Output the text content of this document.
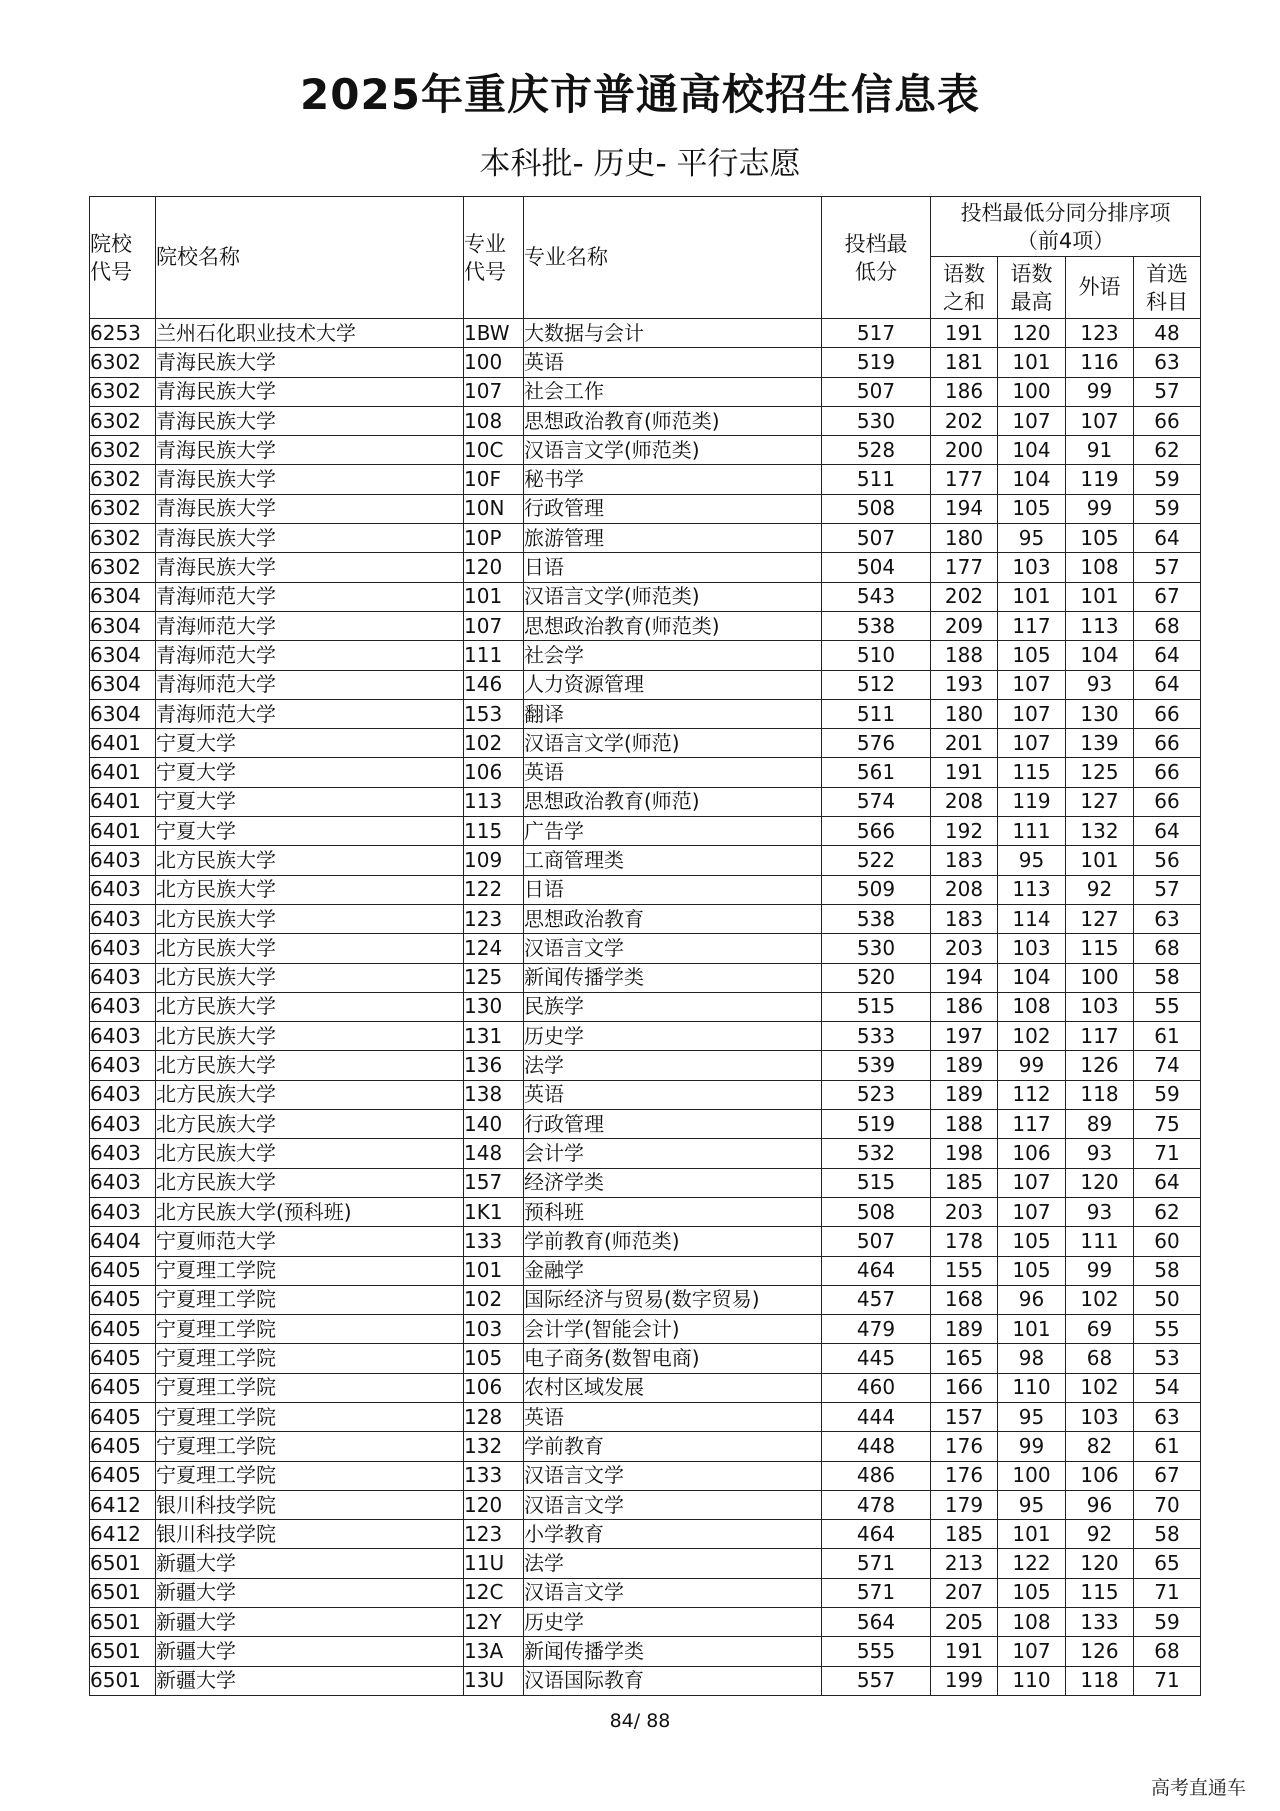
2025年重庆市普通高校招生信息表
本科批- 历史- 平行志愿
院校代号	院校名称	专业代号	专业名称	投档最低分	投档最低分同分排序项（前4项）			

					语数之和	语数最高	外语	首选科目

6253	兰州石化职业技术大学	1BW	大数据与会计	517	191	120	123	48
6302	青海民族大学	100	英语	519	181	101	116	63
6302	青海民族大学	107	社会工作	507	186	100	99	57
6302	青海民族大学	108	思想政治教育(师范类)	530	202	107	107	66
6302	青海民族大学	10C	汉语言文学(师范类)	528	200	104	91	62
6302	青海民族大学	10F	秘书学	511	177	104	119	59
6302	青海民族大学	10N	行政管理	508	194	105	99	59
6302	青海民族大学	10P	旅游管理	507	180	95	105	64
6302	青海民族大学	120	日语	504	177	103	108	57
6304	青海师范大学	101	汉语言文学(师范类)	543	202	101	101	67
6304	青海师范大学	107	思想政治教育(师范类)	538	209	117	113	68
6304	青海师范大学	111	社会学	510	188	105	104	64
6304	青海师范大学	146	人力资源管理	512	193	107	93	64
6304	青海师范大学	153	翻译	511	180	107	130	66
6401	宁夏大学	102	汉语言文学(师范)	576	201	107	139	66
6401	宁夏大学	106	英语	561	191	115	125	66
6401	宁夏大学	113	思想政治教育(师范)	574	208	119	127	66
6401	宁夏大学	115	广告学	566	192	111	132	64
6403	北方民族大学	109	工商管理类	522	183	95	101	56
6403	北方民族大学	122	日语	509	208	113	92	57
6403	北方民族大学	123	思想政治教育	538	183	114	127	63
6403	北方民族大学	124	汉语言文学	530	203	103	115	68
6403	北方民族大学	125	新闻传播学类	520	194	104	100	58
6403	北方民族大学	130	民族学	515	186	108	103	55
6403	北方民族大学	131	历史学	533	197	102	117	61
6403	北方民族大学	136	法学	539	189	99	126	74
6403	北方民族大学	138	英语	523	189	112	118	59
6403	北方民族大学	140	行政管理	519	188	117	89	75
6403	北方民族大学	148	会计学	532	198	106	93	71
6403	北方民族大学	157	经济学类	515	185	107	120	64
6403	北方民族大学(预科班)	1K1	预科班	508	203	107	93	62
6404	宁夏师范大学	133	学前教育(师范类)	507	178	105	111	60
6405	宁夏理工学院	101	金融学	464	155	105	99	58
6405	宁夏理工学院	102	国际经济与贸易(数字贸易)	457	168	96	102	50
6405	宁夏理工学院	103	会计学(智能会计)	479	189	101	69	55
6405	宁夏理工学院	105	电子商务(数智电商)	445	165	98	68	53
6405	宁夏理工学院	106	农村区域发展	460	166	110	102	54
6405	宁夏理工学院	128	英语	444	157	95	103	63
6405	宁夏理工学院	132	学前教育	448	176	99	82	61
6405	宁夏理工学院	133	汉语言文学	486	176	100	106	67
6412	银川科技学院	120	汉语言文学	478	179	95	96	70
6412	银川科技学院	123	小学教育	464	185	101	92	58
6501	新疆大学	11U	法学	571	213	122	120	65
6501	新疆大学	12C	汉语言文学	571	207	105	115	71
6501	新疆大学	12Y	历史学	564	205	108	133	59
6501	新疆大学	13A	新闻传播学类	555	191	107	126	68
6501	新疆大学	13U	汉语国际教育	557	199	110	118	71
84/ 88
高考直通车
